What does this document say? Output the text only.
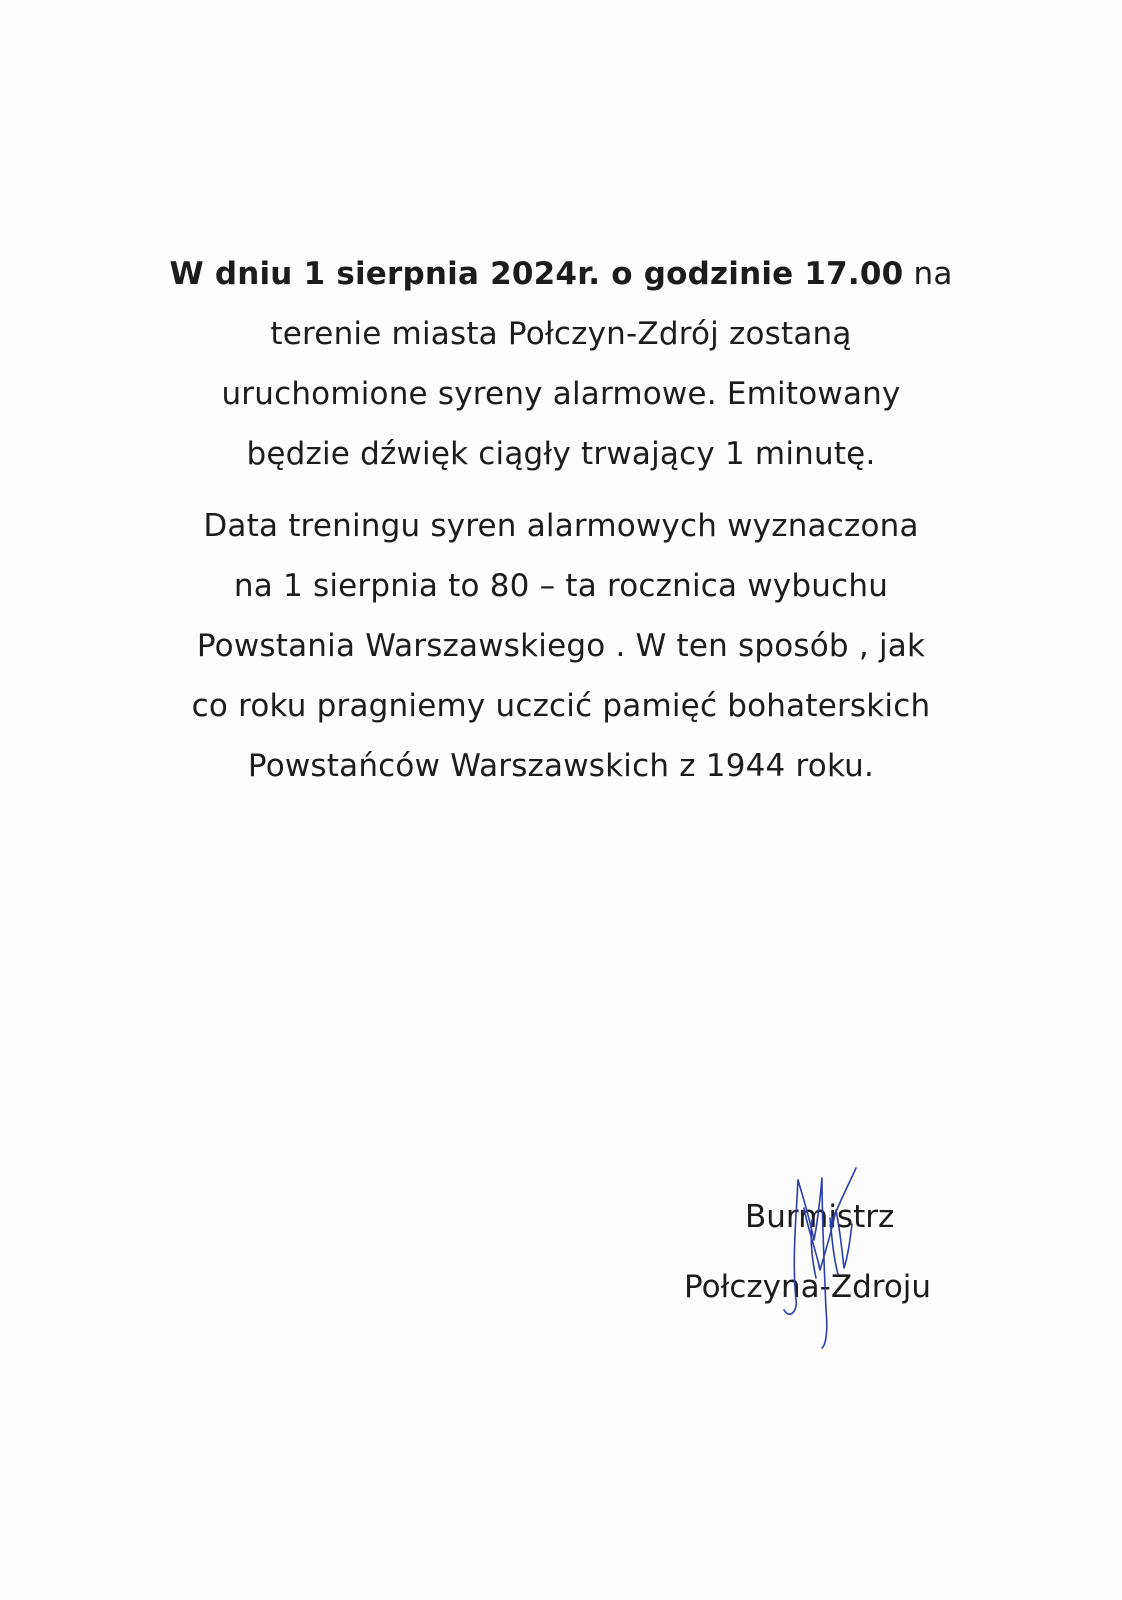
W dniu 1 sierpnia 2024r. o godzinie 17.00 na
terenie miasta Połczyn-Zdrój zostaną
uruchomione syreny alarmowe. Emitowany
będzie dźwięk ciągły trwający 1 minutę.
Data treningu syren alarmowych wyznaczona
na 1 sierpnia to 80 – ta rocznica wybuchu
Powstania Warszawskiego . W ten sposób , jak
co roku pragniemy uczcić pamięć bohaterskich
Powstańców Warszawskich z 1944 roku.
Burmistrz
Połczyna-Zdroju
